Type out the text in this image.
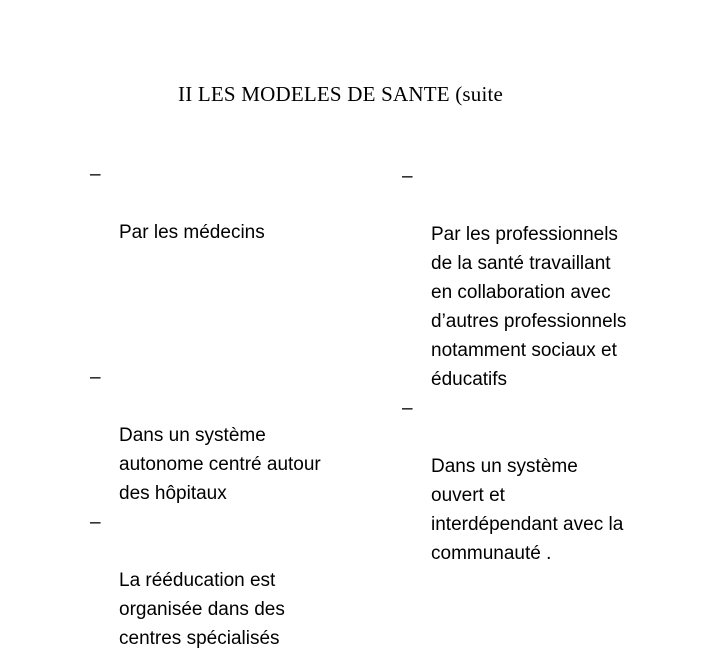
II LES MODELES DE SANTE (suite

–

Par les médecins

–

Dans un système
autonome centré autour
des hôpitaux

–

La rééducation est
organisée dans des
centres spécialisés

–

Par les professionnels
de la santé travaillant
en collaboration avec
d’autres professionnels
notamment sociaux et
éducatifs

–

Dans un système
ouvert et
interdépendant avec la
communauté .
